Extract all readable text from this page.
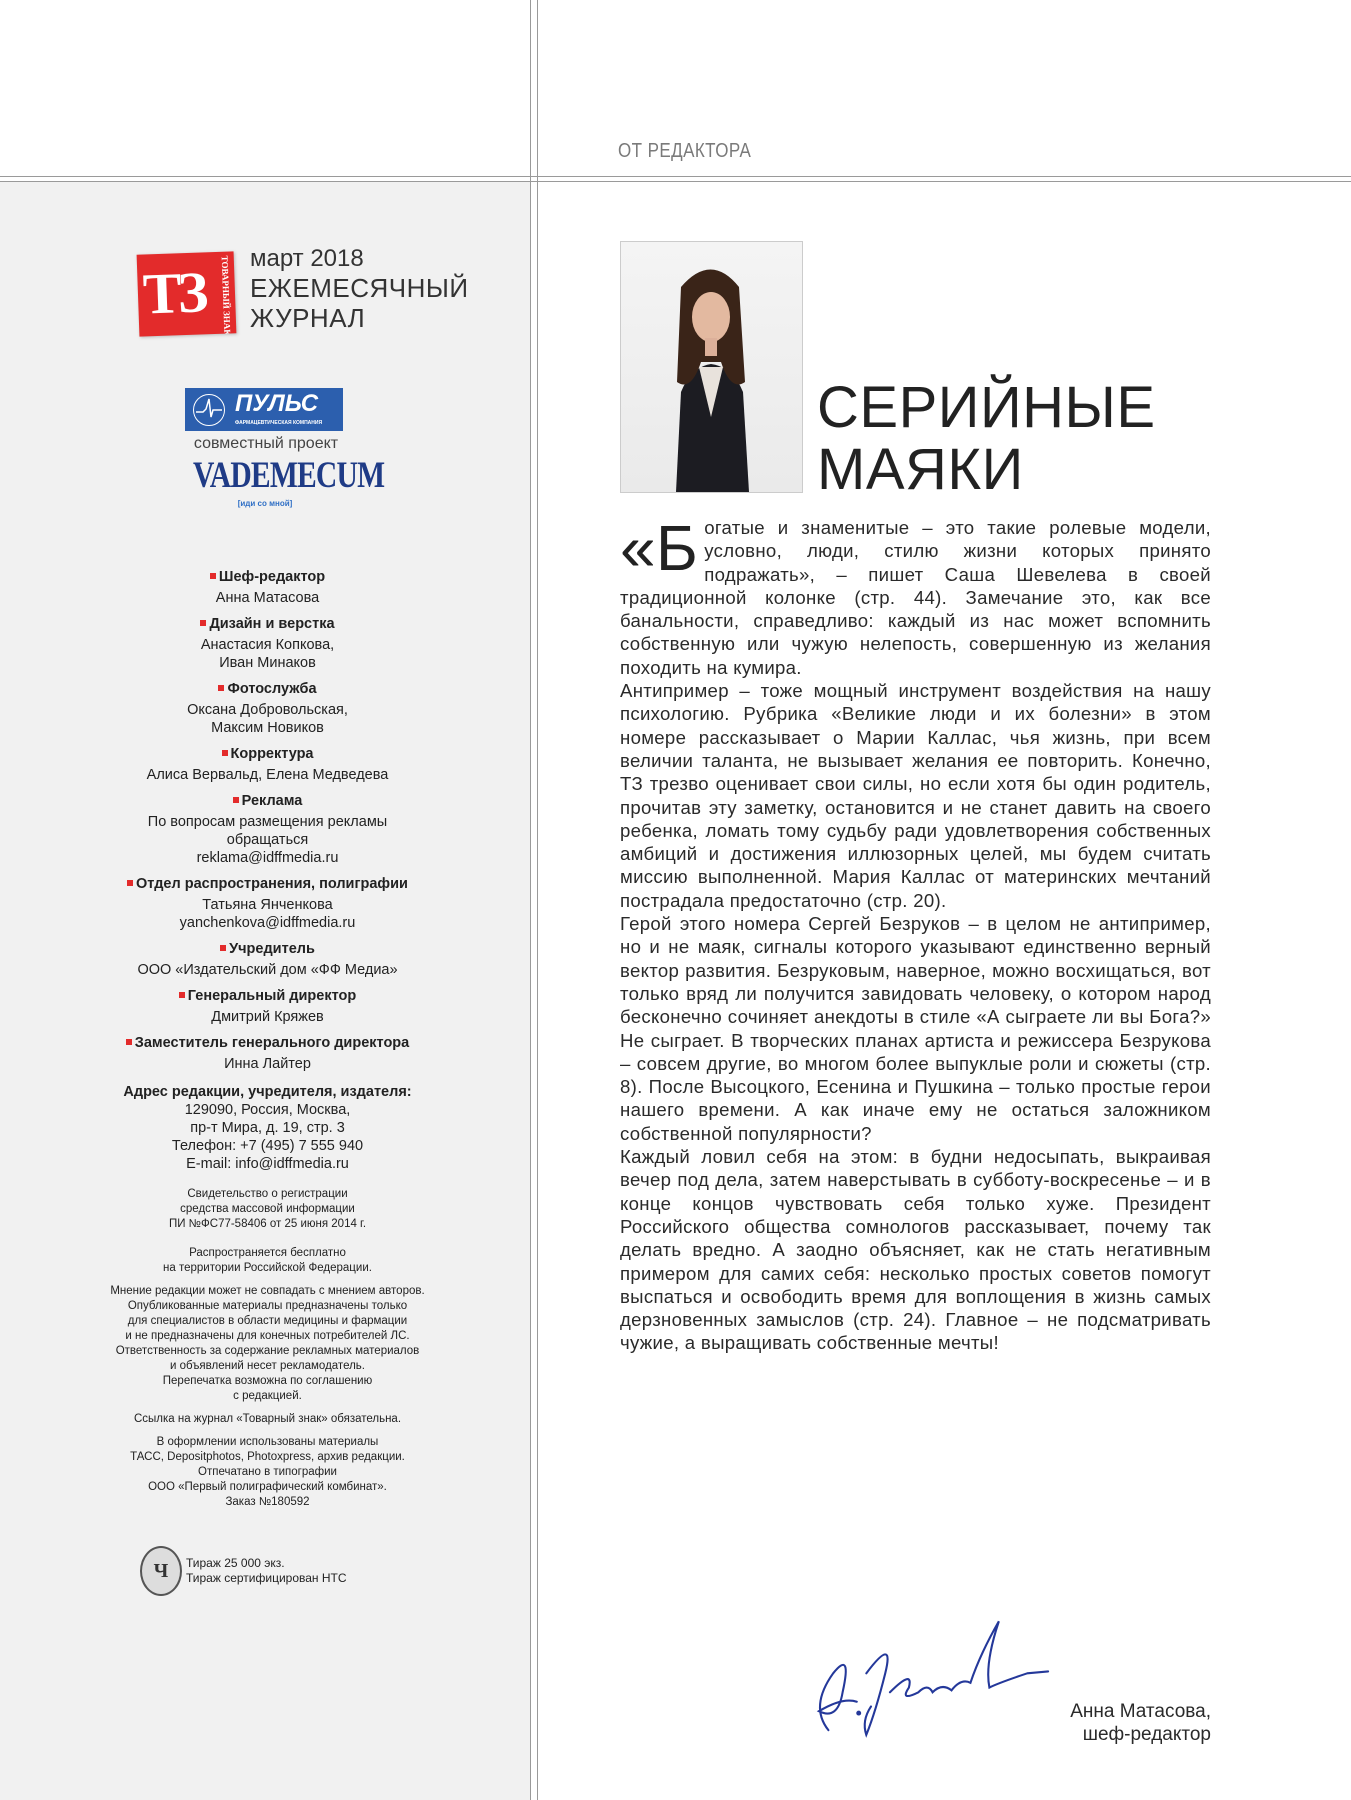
ОТ РЕДАКТОРА
ТЗ ТОВАРНЫЙ ЗНАК март 2018
ЕЖЕМЕСЯЧНЫЙ
ЖУРНАЛ
ПУЛЬС
ФАРМАЦЕВТИЧЕСКАЯ КОМПАНИЯ
совместный проект
VADEMECUM
[иди со мной]
Шеф-редактор
Анна Матасова
Дизайн и верстка
Анастасия Копкова,
Иван Минаков
Фотослужба
Оксана Добровольская,
Максим Новиков
Корректура
Алиса Вервальд, Елена Медведева
Реклама
По вопросам размещения рекламы
обращаться
reklama@idffmedia.ru
Отдел распространения, полиграфии
Татьяна Янченкова
yanchenkova@idffmedia.ru
Учредитель
ООО «Издательский дом «ФФ Медиа»
Генеральный директор
Дмитрий Кряжев
Заместитель генерального директора
Инна Лайтер
Адрес редакции, учредителя, издателя:
129090, Россия, Москва,
пр-т Мира, д. 19, стр. 3
Телефон: +7 (495) 7 555 940
E-mail: info@idffmedia.ru

Свидетельство о регистрации
средства массовой информации
ПИ №ФС77-58406 от 25 июня 2014 г.

Распространяется бесплатно
на территории Российской Федерации.

Мнение редакции может не совпадать с мнением авторов.
Опубликованные материалы предназначены только
для специалистов в области медицины и фармации
и не предназначены для конечных потребителей ЛС.
Ответственность за содержание рекламных материалов
и объявлений несет рекламодатель.
Перепечатка возможна по соглашению
с редакцией.

Ссылка на журнал «Товарный знак» обязательна.

В оформлении использованы материалы
ТАСС, Depositphotos, Photoxpress, архив редакции.
Отпечатано в типографии
ООО «Первый полиграфический комбинат».
Заказ №180592

Ч	Тираж 25 000 экз.
Тираж сертифицирован НТС
СЕРИЙНЫЕ
МАЯКИ

«Богатые и знаменитые – это такие ролевые модели, условно, люди, стилю жизни которых принято подражать», – пишет Саша Шевелева в своей традиционной колонке (стр. 44). Замечание это, как все банальности, справедливо: каждый из нас может вспомнить собственную или чужую нелепость, совершенную из желания походить на кумира.

Антипример – тоже мощный инструмент воздействия на нашу психологию. Рубрика «Великие люди и их болезни» в этом номере рассказывает о Марии Каллас, чья жизнь, при всем величии таланта, не вызывает желания ее повторить. Конечно, ТЗ трезво оценивает свои силы, но если хотя бы один родитель, прочитав эту заметку, остановится и не станет давить на своего ребенка, ломать тому судьбу ради удовлетворения собственных амбиций и достижения иллюзорных целей, мы будем считать миссию выполненной. Мария Каллас от материнских мечтаний пострадала предостаточно (стр. 20).

Герой этого номера Сергей Безруков – в целом не антипример, но и не маяк, сигналы которого указывают единственно верный вектор развития. Безруковым, наверное, можно восхищаться, вот только вряд ли получится завидовать человеку, о котором народ бесконечно сочиняет анекдоты в стиле «А сыграете ли вы Бога?» Не сыграет. В творческих планах артиста и режиссера Безрукова – совсем другие, во многом более выпуклые роли и сюжеты (стр. 8). После Высоцкого, Есенина и Пушкина – только простые герои нашего времени. А как иначе ему не остаться заложником собственной популярности?

Каждый ловил себя на этом: в будни недосыпать, выкраивая вечер под дела, затем наверстывать в субботу-воскресенье – и в конце концов чувствовать себя только хуже. Президент Российского общества сомнологов рассказывает, почему так делать вредно. А заодно объясняет, как не стать негативным примером для самих себя: несколько простых советов помогут выспаться и освободить время для воплощения в жизнь самых дерзновенных замыслов (стр. 24). Главное – не подсматривать чужие, а выращивать собственные мечты!

Анна Матасова,
шеф-редактор
